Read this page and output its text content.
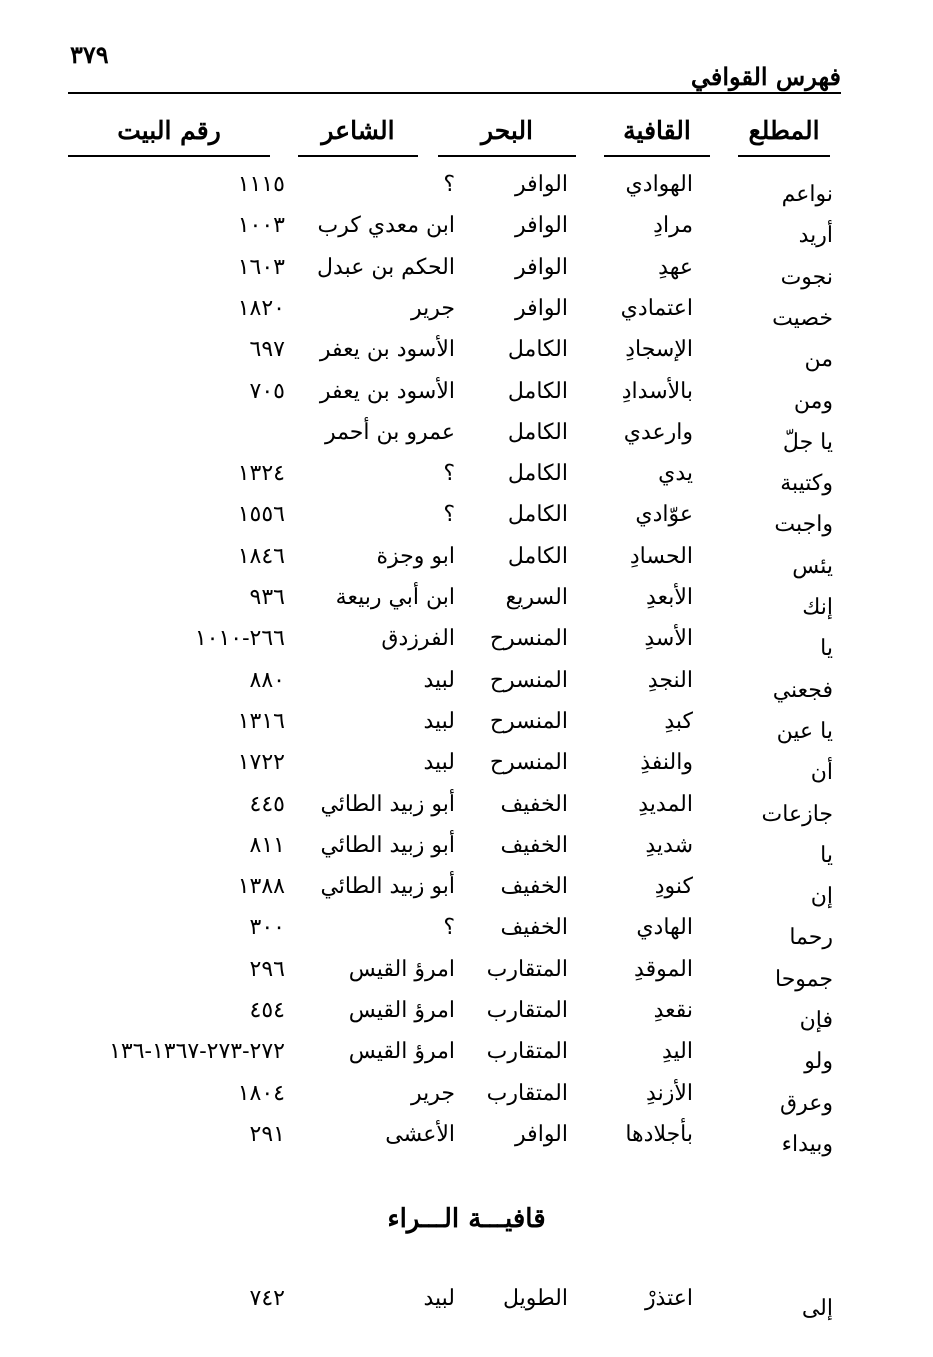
٣٧٩
فهرس القوافي
المطلع
القافية
البحر
الشاعر
رقم البيت
نواعم
الهوادي
الوافر
؟
١١١٥
أريد
مرادِ
الوافر
ابن معدي كرب
١٠٠٣
نجوت
عهدِ
الوافر
الحكم بن عبدل
١٦٠٣
خصيت
اعتمادي
الوافر
جرير
١٨٢٠
من
الإسجادِ
الكامل
الأسود بن يعفر
٦٩٧
ومن
بالأسدادِ
الكامل
الأسود بن يعفر
٧٠٥
يا جلّ
وارعدي
الكامل
عمرو بن أحمر
وكتيبة
يدي
الكامل
؟
١٣٢٤
واجبت
عوّادي
الكامل
؟
١٥٥٦
يئس
الحسادِ
الكامل
ابو وجزة
١٨٤٦
إنك
الأبعدِ
السريع
ابن أبي ربيعة
٩٣٦
يا
الأسدِ
المنسرح
الفرزدق
٢٦٦-١٠١٠
فجعني
النجدِ
المنسرح
لبيد
٨٨٠
يا عين
كبدِ
المنسرح
لبيد
١٣١٦
أن
والنفذِ
المنسرح
لبيد
١٧٢٢
جازعات
المديدِ
الخفيف
أبو زبيد الطائي
٤٤٥
يا
شديدِ
الخفيف
أبو زبيد الطائي
٨١١
إن
كنودِ
الخفيف
أبو زبيد الطائي
١٣٨٨
رحما
الهادي
الخفيف
؟
٣٠٠
جموحا
الموقدِ
المتقارب
امرؤ القيس
٢٩٦
فإن
نقعدِ
المتقارب
امرؤ القيس
٤٥٤
ولو
اليدِ
المتقارب
امرؤ القيس
٢٧٢-٢٧٣-١٣٦٧-١٣٦
وعرق
الأزندِ
المتقارب
جرير
١٨٠٤
وبيداء
بأجلادها
الوافر
الأعشى
٢٩١
قافيـــة الـــراء
إلى
اعتذرْ
الطويل
لبيد
٧٤٢
